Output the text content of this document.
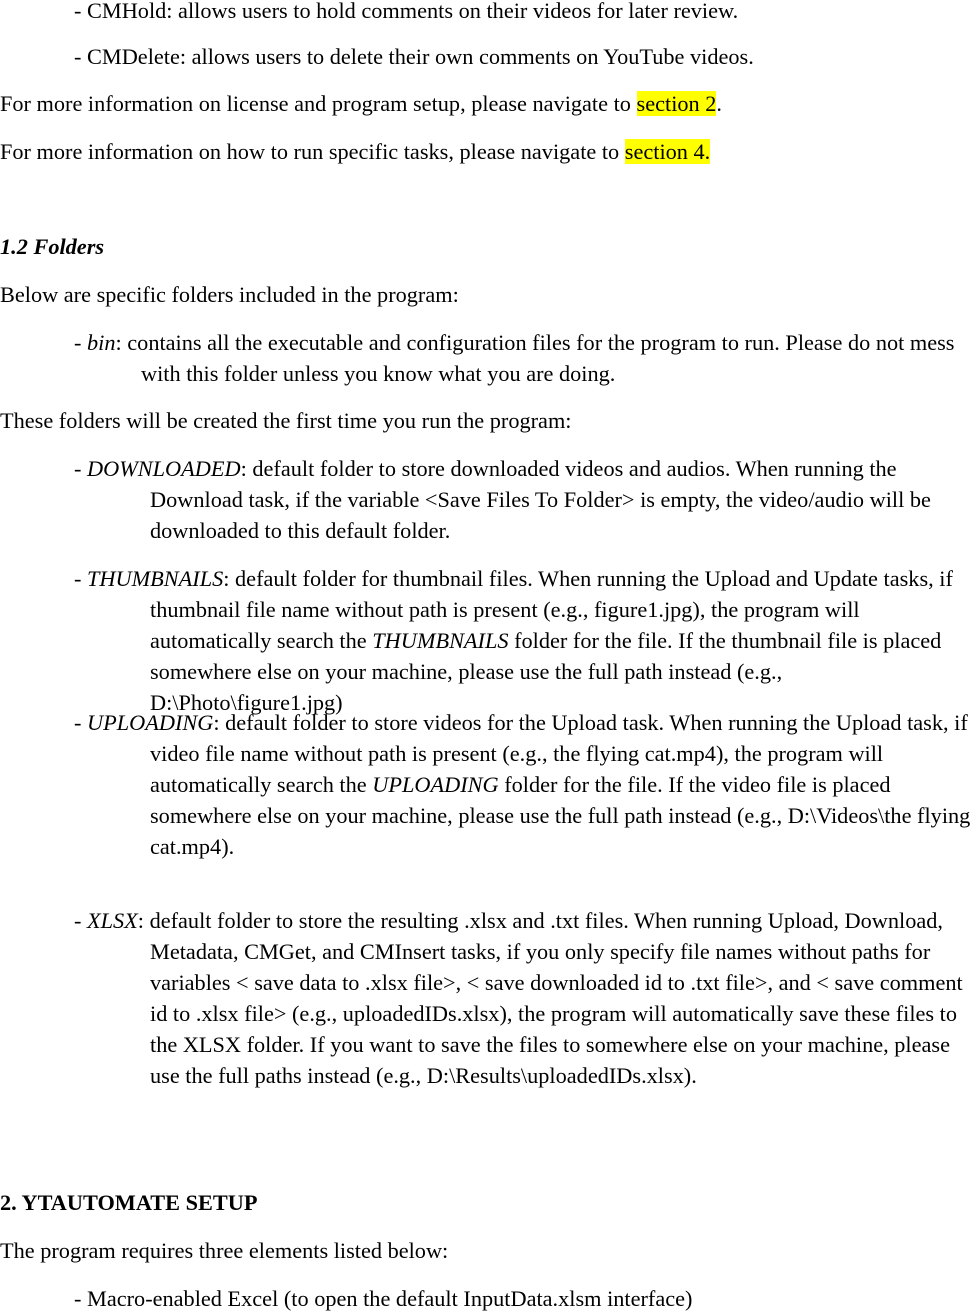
- CMHold: allows users to hold comments on their videos for later review.

- CMDelete: allows users to delete their own comments on YouTube videos.

For more information on license and program setup, please navigate to section 2.

For more information on how to run specific tasks, please navigate to section 4.

1.2 Folders

Below are specific folders included in the program:

- bin: contains all the executable and configuration files for the program to run. Please do not mess with this folder unless you know what you are doing.

These folders will be created the first time you run the program:

- DOWNLOADED: default folder to store downloaded videos and audios. When running the Download task, if the variable <Save Files To Folder> is empty, the video/audio will be downloaded to this default folder.

- THUMBNAILS: default folder for thumbnail files. When running the Upload and Update tasks, if thumbnail file name without path is present (e.g., figure1.jpg), the program will automatically search the THUMBNAILS folder for the file. If the thumbnail file is placed somewhere else on your machine, please use the full path instead (e.g., D:\Photo\figure1.jpg)

- UPLOADING: default folder to store videos for the Upload task. When running the Upload task, if video file name without path is present (e.g., the flying cat.mp4), the program will automatically search the UPLOADING folder for the file. If the video file is placed somewhere else on your machine, please use the full path instead (e.g., D:\Videos\the flying cat.mp4).

- XLSX: default folder to store the resulting .xlsx and .txt files. When running Upload, Download, Metadata, CMGet, and CMInsert tasks, if you only specify file names without paths for variables < save data to .xlsx file>, < save downloaded id to .txt file>, and < save comment id to .xlsx file> (e.g., uploadedIDs.xlsx), the program will automatically save these files to the XLSX folder. If you want to save the files to somewhere else on your machine, please use the full paths instead (e.g., D:\Results\uploadedIDs.xlsx).

2. YTAUTOMATE SETUP

The program requires three elements listed below:

- Macro-enabled Excel (to open the default InputData.xlsm interface)
